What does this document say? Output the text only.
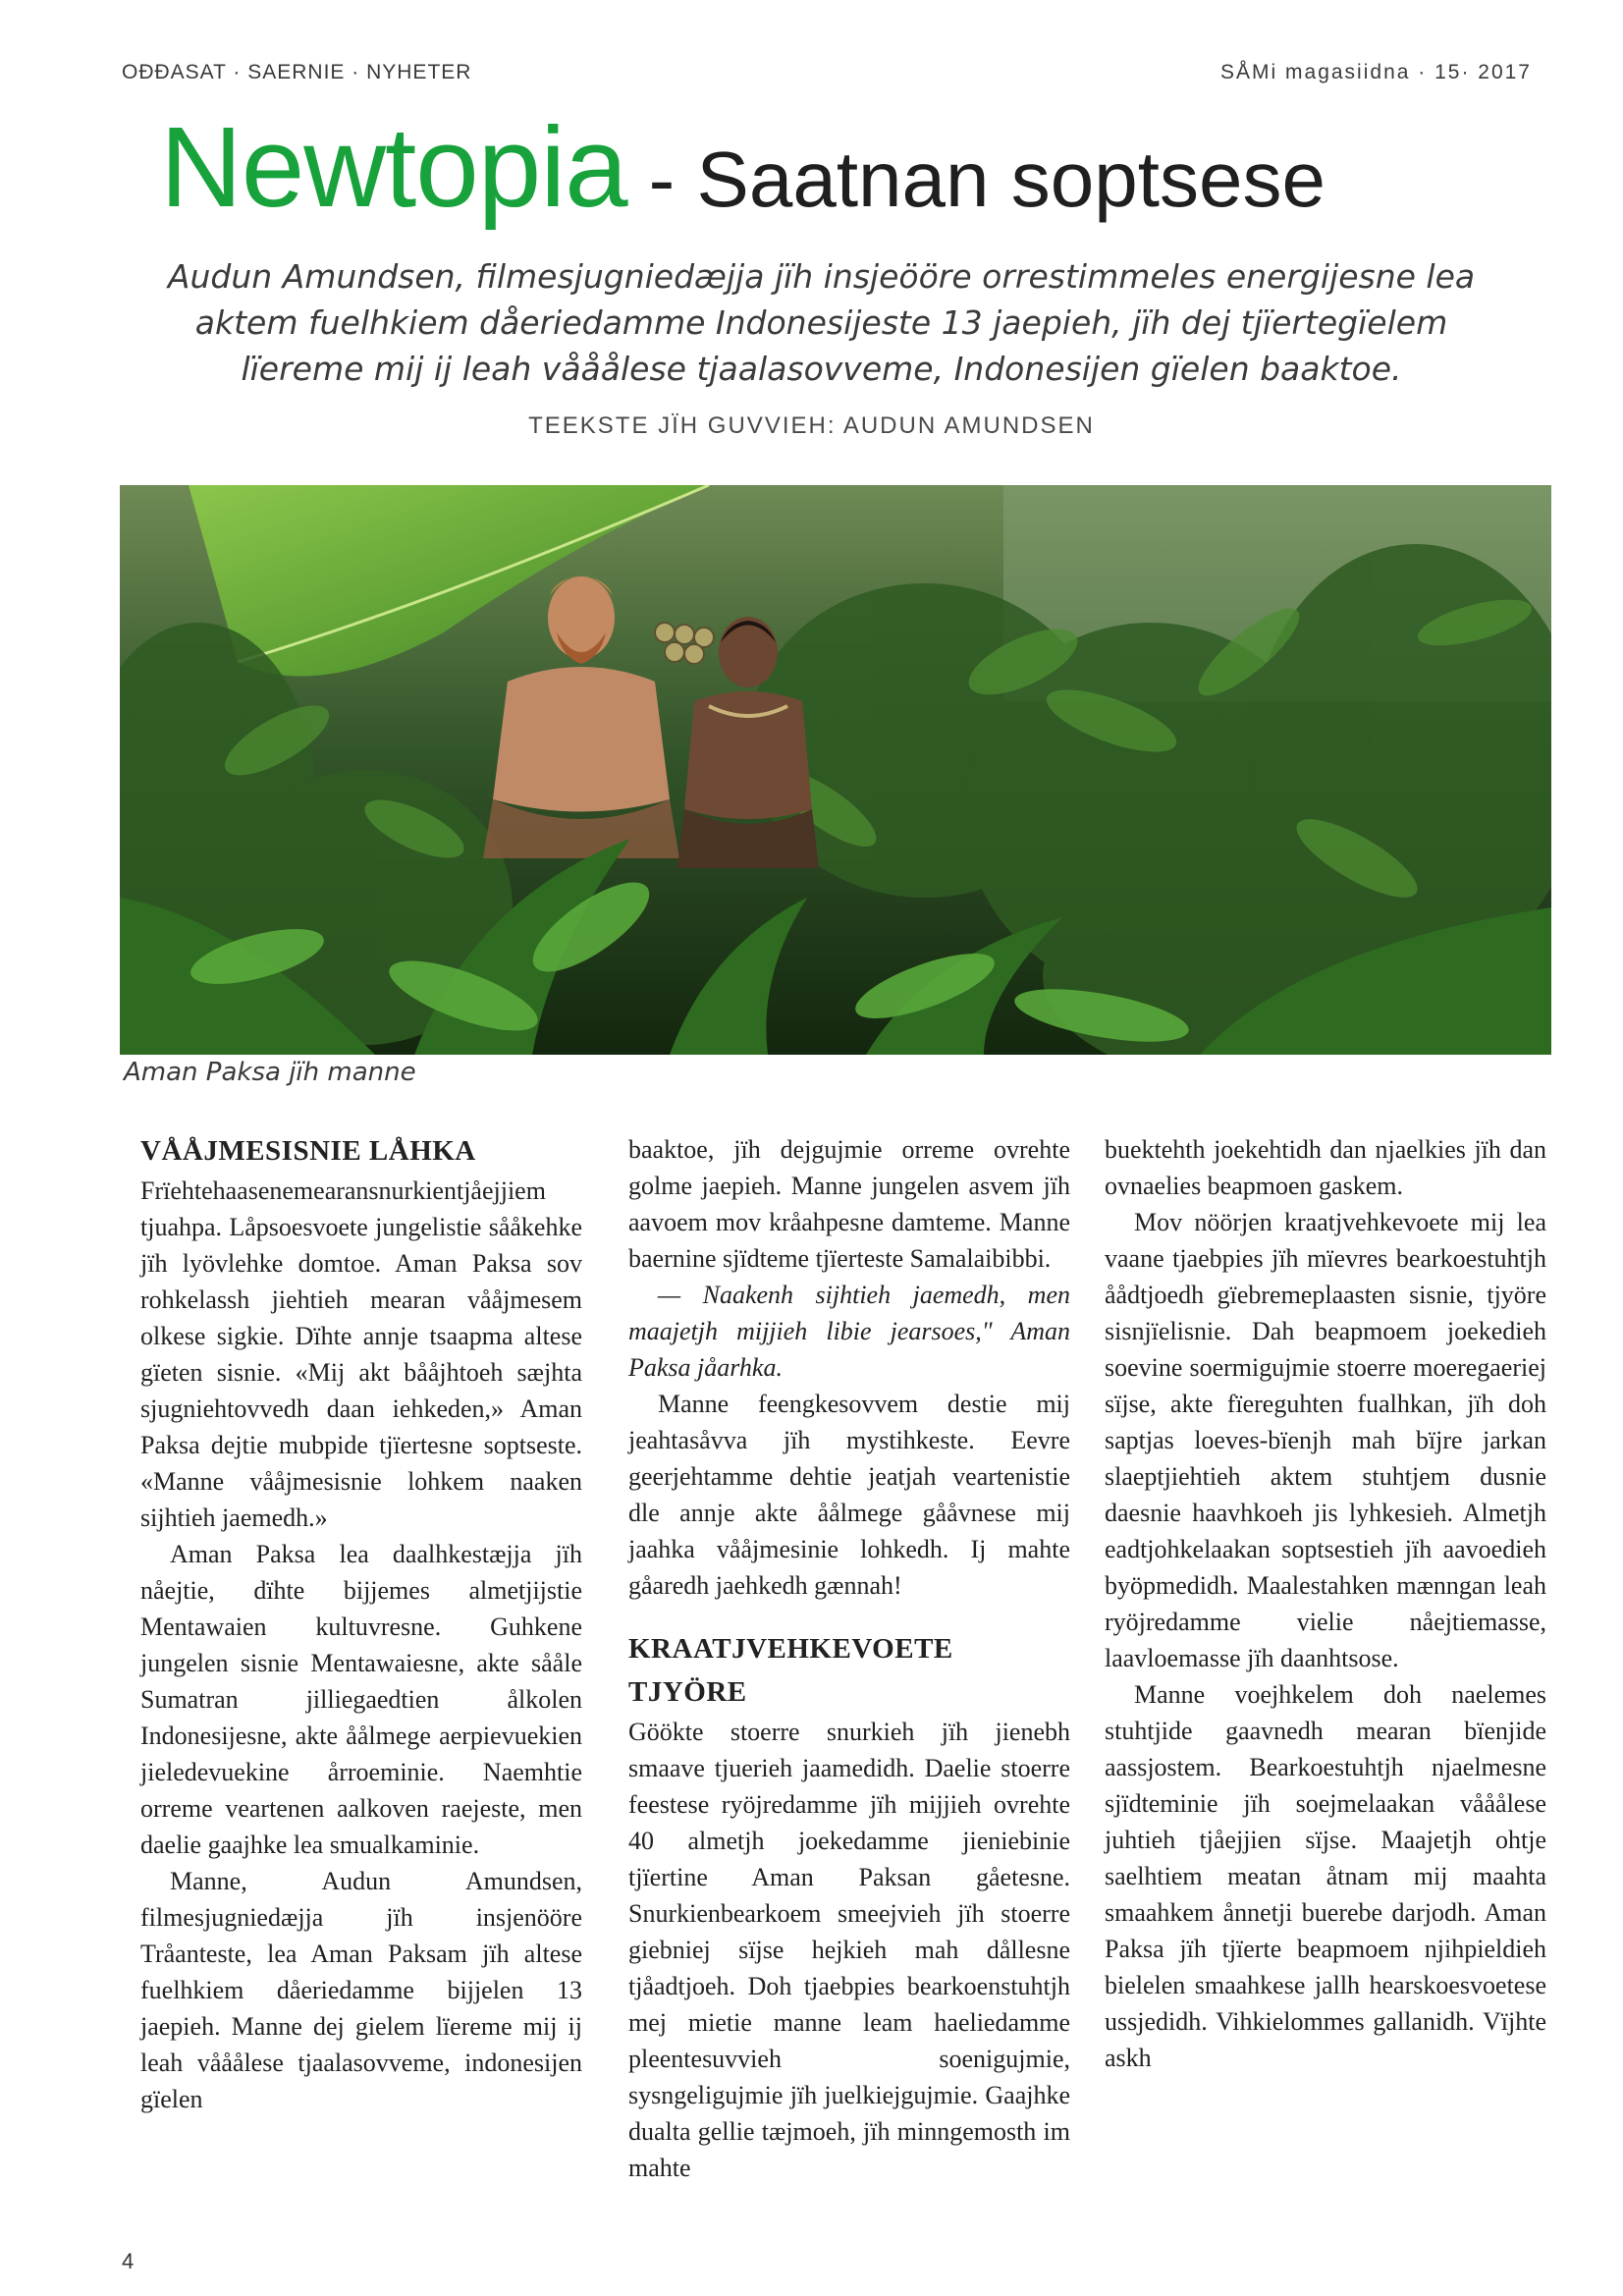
OĐĐASAT · SAERNIE · NYHETER	SÅMi magasiidna · 15· 2017
Newtopia - Saatnan soptsese
Audun Amundsen, filmesjugniedæjja jïh insjeööre orrestimmeles energijesne lea aktem fuelhkiem dåeriedamme Indonesijeste 13 jaepieh, jïh dej tjïertegïelem lïereme mij ij leah vååålese tjaalasovveme, Indonesijen gïelen baaktoe.
TEEKSTE JÏH GUVVIEH: AUDUN AMUNDSEN
Aman Paksa jïh manne
VÅÅJMESISNIE LÅHKA

Frïehtehaasenemearansnurkientjåejjiem tjuahpa. Låpsoesvoete jungelistie sååkehke jïh lyövlehke domtoe. Aman Paksa sov rohkelassh jiehtieh mearan vååjmesem olkese sigkie. Dïhte annje tsaapma altese gïeten sisnie. «Mij akt bååjhtoeh sæjhta sjugniehtovvedh daan iehkeden,» Aman Paksa dejtie mubpide tjïertesne soptseste. «Manne vååjmesisnie lohkem naaken sijhtieh jaemedh.»

Aman Paksa lea daalhkestæjja jïh nåejtie, dïhte bijjemes almetjijstie Mentawaien kultuvresne. Guhkene jungelen sisnie Mentawaiesne, akte sååle Sumatran jilliegaedtien ålkolen Indonesijesne, akte åålmege aerpievuekien jieledevuekine årroeminie. Naemhtie orreme veartenen aalkoven raejeste, men daelie gaajhke lea smualkaminie.

Manne, Audun Amundsen, filmesjugniedæjja jïh insjenööre Tråanteste, lea Aman Paksam jïh altese fuelhkiem dåeriedamme bijjelen 13 jaepieh. Manne dej gielem lïereme mij ij leah vååålese tjaalasovveme, indonesijen gïelen

baaktoe, jïh dejgujmie orreme ovrehte golme jaepieh. Manne jungelen asvem jïh aavoem mov kråahpesne damteme. Manne baernine sjïdteme tjïerteste Samalaibibbi.

— Naakenh sijhtieh jaemedh, men maajetjh mijjieh libie jearsoes," Aman Paksa jåarhka.

Manne feengkesovvem destie mij jeahtasåvva jïh mystihkeste. Eevre geerjehtamme dehtie jeatjah veartenistie dle annje akte åålmege gååvnese mij jaahka vååjmesinie lohkedh. Ij mahte gåaredh jaehkedh gænnah!

KRAATJVEHKEVOETE TJYÖRE

Göökte stoerre snurkieh jïh jienebh smaave tjuerieh jaamedidh. Daelie stoerre feestese ryöjredamme jïh mijjieh ovrehte 40 almetjh joekedamme jieniebinie tjïertine Aman Paksan gåetesne. Snurkienbearkoem smeejvieh jïh stoerre giebniej sïjse hejkieh mah dållesne tjåadtjoeh. Doh tjaebpies bearkoenstuhtjh mej mietie manne leam haeliedamme pleentesuvvieh soenigujmie, sysngeligujmie jïh juelkiejgujmie. Gaajhke dualta gellie tæjmoeh, jïh minngemosth im mahte

buektehth joekehtidh dan njaelkies jïh dan ovnaelies beapmoen gaskem.

Mov nöörjen kraatjvehkevoete mij lea vaane tjaebpies jïh mïevres bearkoestuhtjh åådtjoedh gïebremeplaasten sisnie, tjyöre sisnjïelisnie. Dah beapmoem joekedieh soevine soermigujmie stoerre moeregaeriej sïjse, akte fïereguhten fualhkan, jïh doh saptjas loeves-bïenjh mah bïjre jarkan slaeptjiehtieh aktem stuhtjem dusnie daesnie haavhkoeh jis lyhkesieh. Almetjh eadtjohkelaakan soptsestieh jïh aavoedieh byöpmedidh. Maalestahken mænngan leah ryöjredamme vielie nåejtiemasse, laavloemasse jïh daanhtsose.

Manne voejhkelem doh naelemes stuhtjide gaavnedh mearan bïenjide aassjostem. Bearkoestuhtjh njaelmesne sjïdteminie jïh soejmelaakan vååålese juhtieh tjåejjien sïjse. Maajetjh ohtje saelhtiem meatan åtnam mij maahta smaahkem ånnetji buerebe darjodh. Aman Paksa jïh tjïerte beapmoem njihpieldieh bielelen smaahkese jallh hearskoesvoetese ussjedidh. Vihkielommes gallanidh. Vïjhte askh

4
